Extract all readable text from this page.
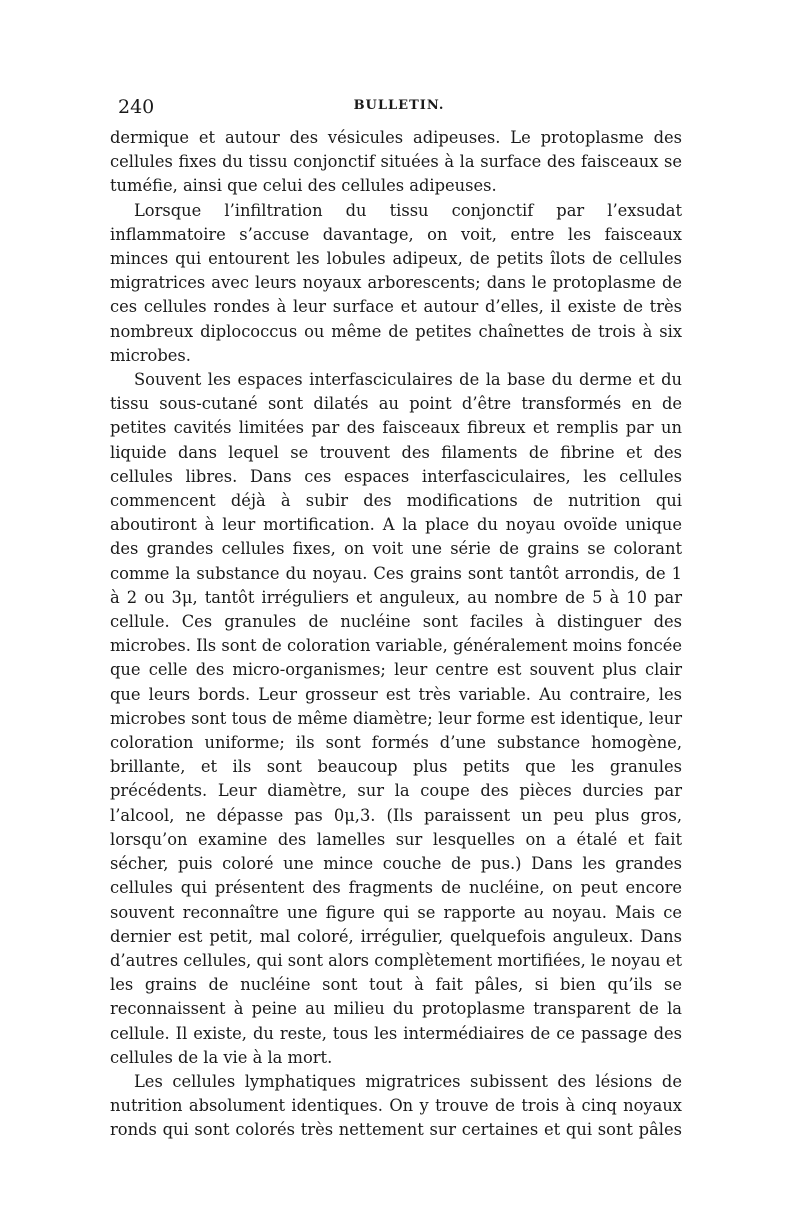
240	BULLETIN.

dermique et autour des vésicules adipeuses. Le protoplasme des cellules fixes du tissu conjonctif situées à la surface des faisceaux se tuméfie, ainsi que celui des cellules adipeuses.

Lorsque l’infiltration du tissu conjonctif par l’exsudat inflammatoire s’accuse davantage, on voit, entre les faisceaux minces qui entourent les lobules adipeux, de petits îlots de cellules migratrices avec leurs noyaux arborescents; dans le protoplasme de ces cellules rondes à leur surface et autour d’elles, il existe de très nombreux diplococcus ou même de petites chaînettes de trois à six microbes.

Souvent les espaces interfasciculaires de la base du derme et du tissu sous-cutané sont dilatés au point d’être transformés en de petites cavités limitées par des faisceaux fibreux et remplis par un liquide dans lequel se trouvent des filaments de fibrine et des cellules libres. Dans ces espaces interfasciculaires, les cellules commencent déjà à subir des modifications de nutrition qui aboutiront à leur mortification. A la place du noyau ovoïde unique des grandes cellules fixes, on voit une série de grains se colorant comme la substance du noyau. Ces grains sont tantôt arrondis, de 1 à 2 ou 3μ, tantôt irréguliers et anguleux, au nombre de 5 à 10 par cellule. Ces granules de nucléine sont faciles à distinguer des microbes. Ils sont de coloration variable, généralement moins foncée que celle des micro-organismes; leur centre est souvent plus clair que leurs bords. Leur grosseur est très variable. Au contraire, les microbes sont tous de même diamètre; leur forme est identique, leur coloration uniforme; ils sont formés d’une substance homogène, brillante, et ils sont beaucoup plus petits que les granules précédents. Leur diamètre, sur la coupe des pièces durcies par l’alcool, ne dépasse pas 0μ,3. (Ils paraissent un peu plus gros, lorsqu’on examine des lamelles sur lesquelles on a étalé et fait sécher, puis coloré une mince couche de pus.) Dans les grandes cellules qui présentent des fragments de nucléine, on peut encore souvent reconnaître une figure qui se rapporte au noyau. Mais ce dernier est petit, mal coloré, irrégulier, quelquefois anguleux. Dans d’autres cellules, qui sont alors complètement mortifiées, le noyau et les grains de nucléine sont tout à fait pâles, si bien qu’ils se reconnaissent à peine au milieu du protoplasme transparent de la cellule. Il existe, du reste, tous les intermédiaires de ce passage des cellules de la vie à la mort.

Les cellules lymphatiques migratrices subissent des lésions de nutrition absolument identiques. On y trouve de trois à cinq noyaux ronds qui sont colorés très nettement sur certaines et qui sont pâles
